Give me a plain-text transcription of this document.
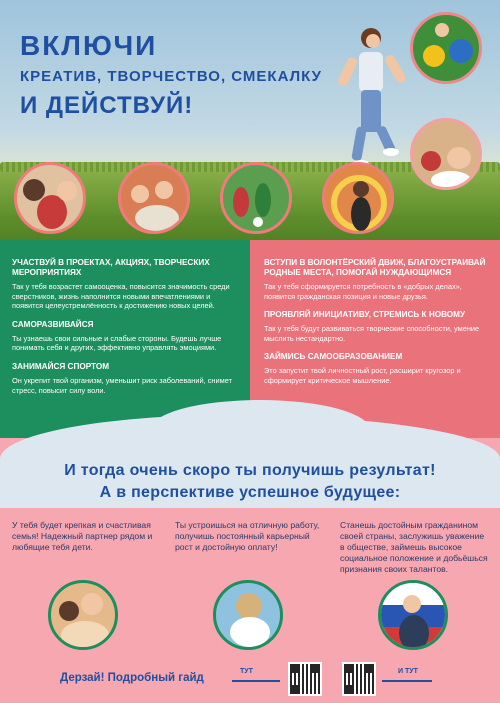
ВКЛЮЧИ
КРЕАТИВ, ТВОРЧЕСТВО, СМЕКАЛКУ
И ДЕЙСТВУЙ!
УЧАСТВУЙ В ПРОЕКТАХ, АКЦИЯХ, ТВОРЧЕСКИХ МЕРОПРИЯТИЯХ
Так у тебя возрастет самооценка, повысится значимость среди сверстников, жизнь наполнится новыми впечатлениями и появится целеустремлённость к достижению новых целей.
САМОРАЗВИВАЙСЯ
Ты узнаешь свои сильные и слабые стороны. Будешь лучше понимать себя и других, эффективно управлять эмоциями.
ЗАНИМАЙСЯ СПОРТОМ
Он укрепит твой организм, уменьшит риск заболеваний, снимет стресс, повысит силу воли.
ВСТУПИ В ВОЛОНТЁРСКИЙ ДВИЖ, БЛАГОУСТРАИВАЙ РОДНЫЕ МЕСТА, ПОМОГАЙ НУЖДАЮЩИМСЯ
Так у тебя сформируется потребность в «добрых делах», появится гражданская позиция и новые друзья.
ПРОЯВЛЯЙ ИНИЦИАТИВУ, СТРЕМИСЬ К НОВОМУ
Так у тебя будут развиваться творческие способности, умение мыслить нестандартно.
ЗАЙМИСЬ САМООБРАЗОВАНИЕМ
Это запустит твой личностный рост, расширит кругозор и сформирует критическое мышление.
И тогда очень скоро ты получишь результат!
А в перспективе успешное будущее:
У тебя будет крепкая и счастливая семья! Надежный партнер рядом и любящие тебя дети.
Ты устроишься на отличную работу, получишь постоянный карьерный рост и достойную оплату!
Станешь достойным гражданином своей страны, заслужишь уважение в обществе, займешь высокое социальное положение и добьёшься признания своих талантов.
Дерзай! Подробный гайд
ТУТ	И ТУТ
